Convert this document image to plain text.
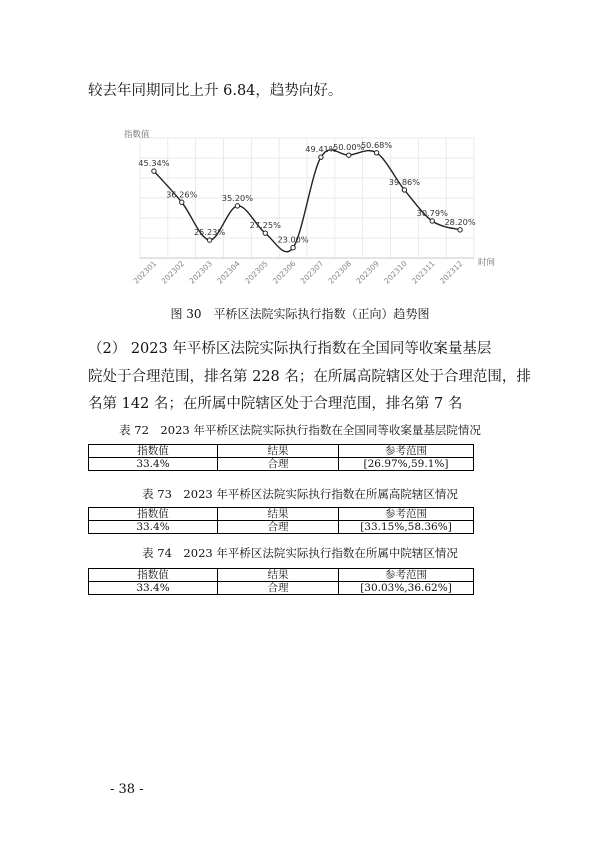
较去年同期同比上升 6.84，趋势向好。
指数值
时间
45.34%
36.26%
25.23%
35.20%
27.25%
23.00%
49.41%
50.00%
50.68%
39.86%
30.79%
28.20%
202301 202302 202303 202304 202305 202306 202307 202308 202309 202310 202311 202312
图 30　平桥区法院实际执行指数（正向）趋势图
（2） 2023 年平桥区法院实际执行指数在全国同等收案量基层
院处于合理范围，排名第 228 名；在所属高院辖区处于合理范围，排
名第 142 名；在所属中院辖区处于合理范围，排名第 7 名
表 72　2023 年平桥区法院实际执行指数在全国同等收案量基层院情况
指数值	结果	参考范围
33.4%	合理	[26.97%,59.1%]
表 73　2023 年平桥区法院实际执行指数在所属高院辖区情况
指数值	结果	参考范围
33.4%	合理	[33.15%,58.36%]
表 74　2023 年平桥区法院实际执行指数在所属中院辖区情况
指数值	结果	参考范围
33.4%	合理	[30.03%,36.62%]
- 38 -
